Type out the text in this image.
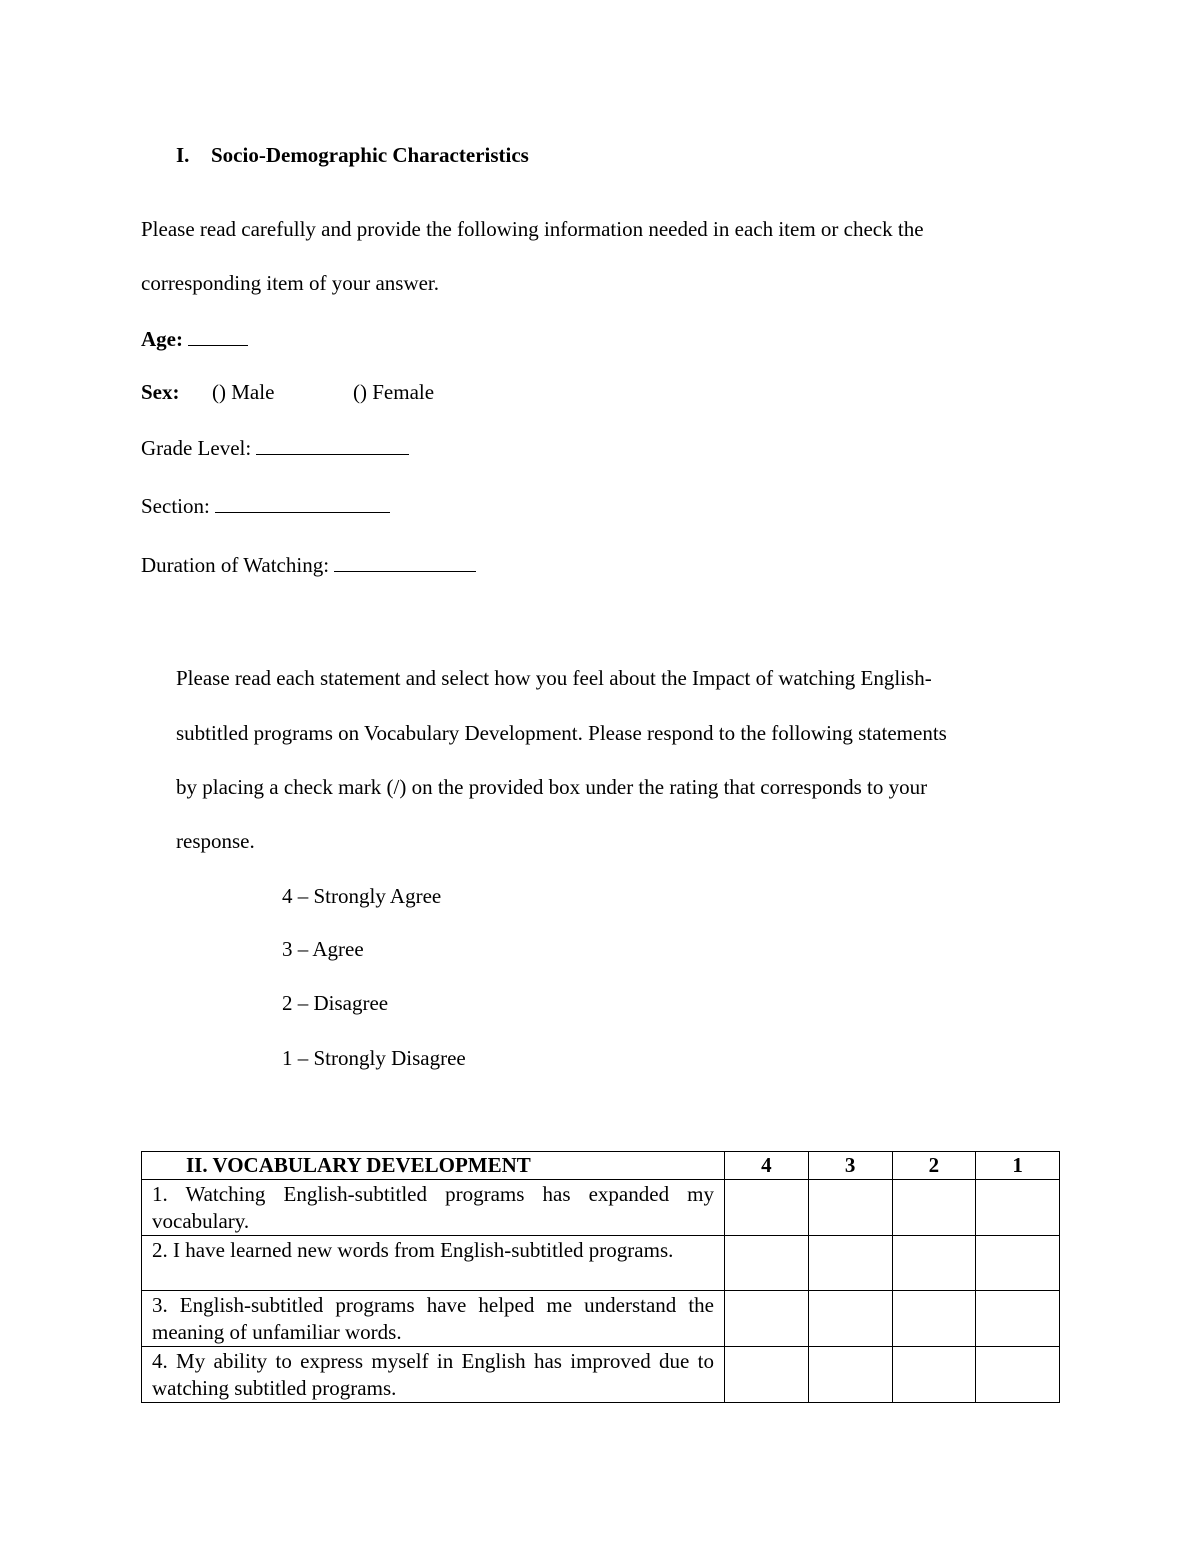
I. Socio-Demographic Characteristics
Please read carefully and provide the following information needed in each item or check the
corresponding item of your answer.
Age:
Sex: () Male	() Female
Grade Level:
Section:
Duration of Watching:
Please read each statement and select how you feel about the Impact of watching English-
subtitled programs on Vocabulary Development. Please respond to the following statements
by placing a check mark (/) on the provided box under the rating that corresponds to your
response.
4 – Strongly Agree
3 – Agree
2 – Disagree
1 – Strongly Disagree
II. VOCABULARY DEVELOPMENT	4	3	2	1
1. Watching English-subtitled programs has expanded my vocabulary.				
2. I have learned new words from English-subtitled programs.				
3. English-subtitled programs have helped me understand the meaning of unfamiliar words.				
4. My ability to express myself in English has improved due to watching subtitled programs.				
